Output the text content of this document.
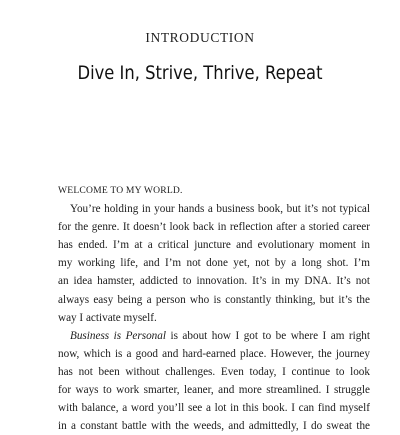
INTRODUCTION
Dive In, Strive, Thrive, Repeat
WELCOME TO MY WORLD.
You’re holding in your hands a business book, but it’s not typical
for the genre. It doesn’t look back in reflection after a storied career
has ended. I’m at a critical juncture and evolutionary moment in
my working life, and I’m not done yet, not by a long shot. I’m
an idea hamster, addicted to innovation. It’s in my DNA. It’s not
always easy being a person who is constantly thinking, but it’s the
way I activate myself.
Business is Personal is about how I got to be where I am right
now, which is a good and hard-earned place. However, the journey
has not been without challenges. Even today, I continue to look
for ways to work smarter, leaner, and more streamlined. I struggle
with balance, a word you’ll see a lot in this book. I can find myself
in a constant battle with the weeds, and admittedly, I do sweat the
